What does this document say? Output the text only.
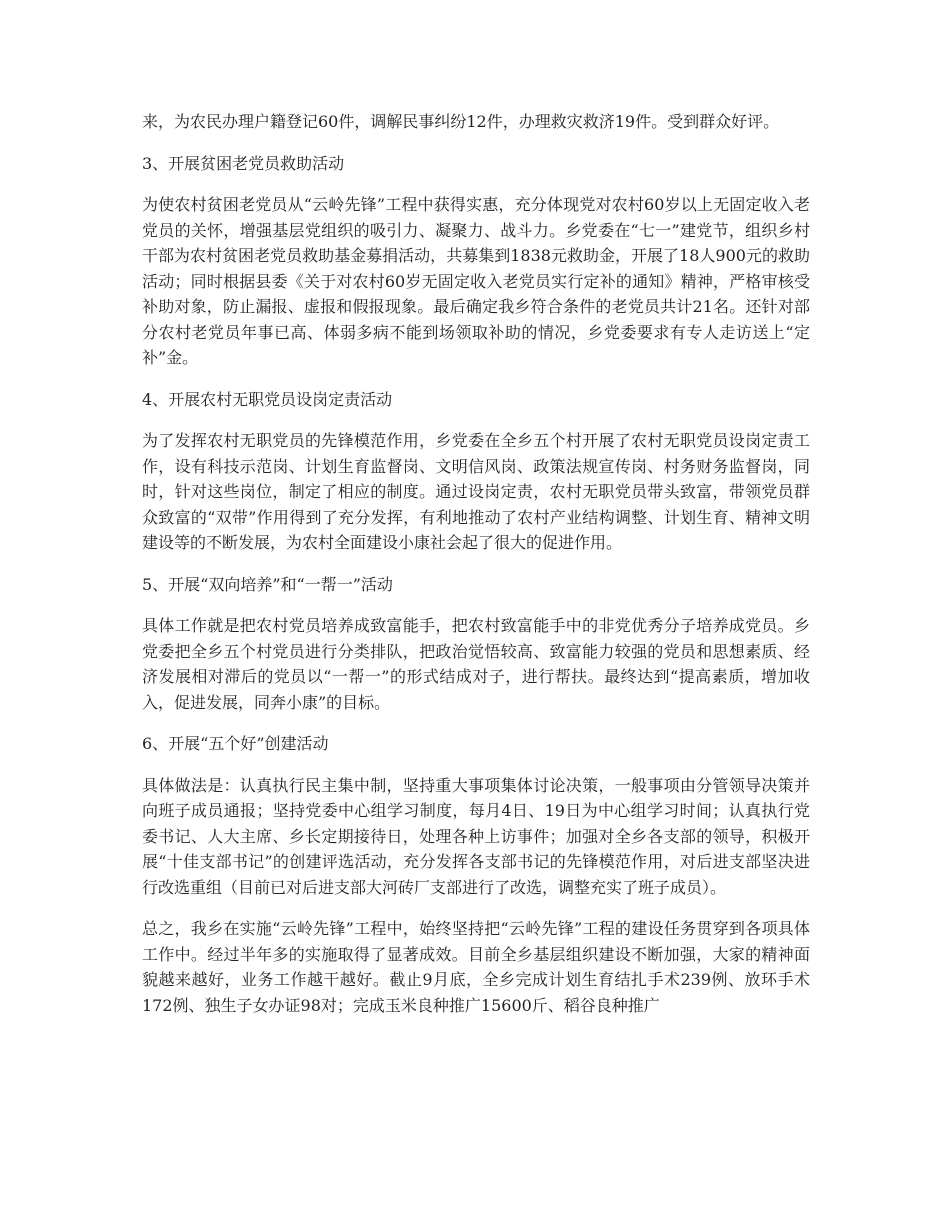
来，为农民办理户籍登记60件，调解民事纠纷12件，办理救灾救济19件。受到群众好评。

3、开展贫困老党员救助活动

为使农村贫困老党员从“云岭先锋”工程中获得实惠，充分体现党对农村60岁以上无固定收入老党员的关怀，增强基层党组织的吸引力、凝聚力、战斗力。乡党委在“七一”建党节，组织乡村干部为农村贫困老党员救助基金募捐活动，共募集到1838元救助金，开展了18人900元的救助活动；同时根据县委《关于对农村60岁无固定收入老党员实行定补的通知》精神，严格审核受补助对象，防止漏报、虚报和假报现象。最后确定我乡符合条件的老党员共计21名。还针对部分农村老党员年事已高、体弱多病不能到场领取补助的情况，乡党委要求有专人走访送上“定补”金。

4、开展农村无职党员设岗定责活动

为了发挥农村无职党员的先锋模范作用，乡党委在全乡五个村开展了农村无职党员设岗定责工作，设有科技示范岗、计划生育监督岗、文明信风岗、政策法规宣传岗、村务财务监督岗，同时，针对这些岗位，制定了相应的制度。通过设岗定责，农村无职党员带头致富，带领党员群众致富的“双带”作用得到了充分发挥，有利地推动了农村产业结构调整、计划生育、精神文明建设等的不断发展，为农村全面建设小康社会起了很大的促进作用。

5、开展“双向培养”和“一帮一”活动

具体工作就是把农村党员培养成致富能手，把农村致富能手中的非党优秀分子培养成党员。乡党委把全乡五个村党员进行分类排队，把政治觉悟较高、致富能力较强的党员和思想素质、经济发展相对滞后的党员以“一帮一”的形式结成对子，进行帮扶。最终达到“提高素质，增加收入，促进发展，同奔小康”的目标。

6、开展“五个好”创建活动

具体做法是：认真执行民主集中制，坚持重大事项集体讨论决策，一般事项由分管领导决策并向班子成员通报；坚持党委中心组学习制度，每月4日、19日为中心组学习时间；认真执行党委书记、人大主席、乡长定期接待日，处理各种上访事件；加强对全乡各支部的领导，积极开展“十佳支部书记”的创建评选活动，充分发挥各支部书记的先锋模范作用，对后进支部坚决进行改选重组（目前已对后进支部大河砖厂支部进行了改选，调整充实了班子成员）。

总之，我乡在实施“云岭先锋”工程中，始终坚持把“云岭先锋”工程的建设任务贯穿到各项具体工作中。经过半年多的实施取得了显著成效。目前全乡基层组织建设不断加强，大家的精神面貌越来越好，业务工作越干越好。截止9月底，全乡完成计划生育结扎手术239例、放环手术172例、独生子女办证98对；完成玉米良种推广15600斤、稻谷良种推广
